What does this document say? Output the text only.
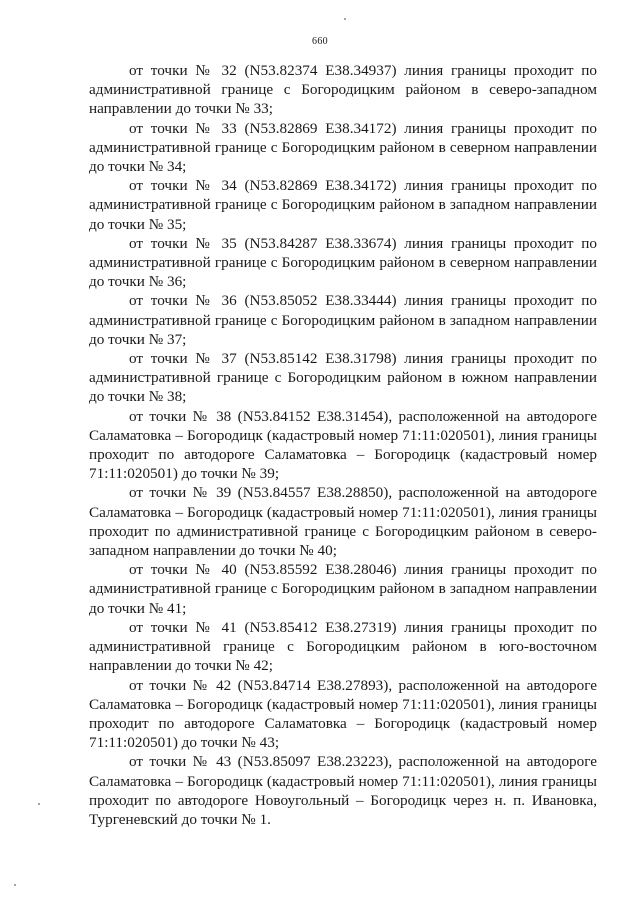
660

от точки № 32 (N53.82374 E38.34937) линия границы проходит по административной границе с Богородицким районом в северо-западном направлении до точки № 33;

от точки № 33 (N53.82869 E38.34172) линия границы проходит по административной границе с Богородицким районом в северном направлении до точки № 34;

от точки № 34 (N53.82869 E38.34172) линия границы проходит по административной границе с Богородицким районом в западном направлении до точки № 35;

от точки № 35 (N53.84287 E38.33674) линия границы проходит по административной границе с Богородицким районом в северном направлении до точки № 36;

от точки № 36 (N53.85052 E38.33444) линия границы проходит по административной границе с Богородицким районом в западном направлении до точки № 37;

от точки № 37 (N53.85142 E38.31798) линия границы проходит по административной границе с Богородицким районом в южном направлении до точки № 38;

от точки № 38 (N53.84152 E38.31454), расположенной на автодороге Саламатовка – Богородицк (кадастровый номер 71:11:020501), линия границы проходит по автодороге Саламатовка – Богородицк (кадастровый номер 71:11:020501) до точки № 39;

от точки № 39 (N53.84557 E38.28850), расположенной на автодороге Саламатовка – Богородицк (кадастровый номер 71:11:020501), линия границы проходит по административной границе с Богородицким районом в северо-западном направлении до точки № 40;

от точки № 40 (N53.85592 E38.28046) линия границы проходит по административной границе с Богородицким районом в западном направлении до точки № 41;

от точки № 41 (N53.85412 E38.27319) линия границы проходит по административной границе с Богородицким районом в юго-восточном направлении до точки № 42;

от точки № 42 (N53.84714 E38.27893), расположенной на автодороге Саламатовка – Богородицк (кадастровый номер 71:11:020501), линия границы проходит по автодороге Саламатовка – Богородицк (кадастровый номер 71:11:020501) до точки № 43;

от точки № 43 (N53.85097 E38.23223), расположенной на автодороге Саламатовка – Богородицк (кадастровый номер 71:11:020501), линия границы проходит по автодороге Новоугольный – Богородицк через н. п. Ивановка, Тургеневский до точки № 1.
